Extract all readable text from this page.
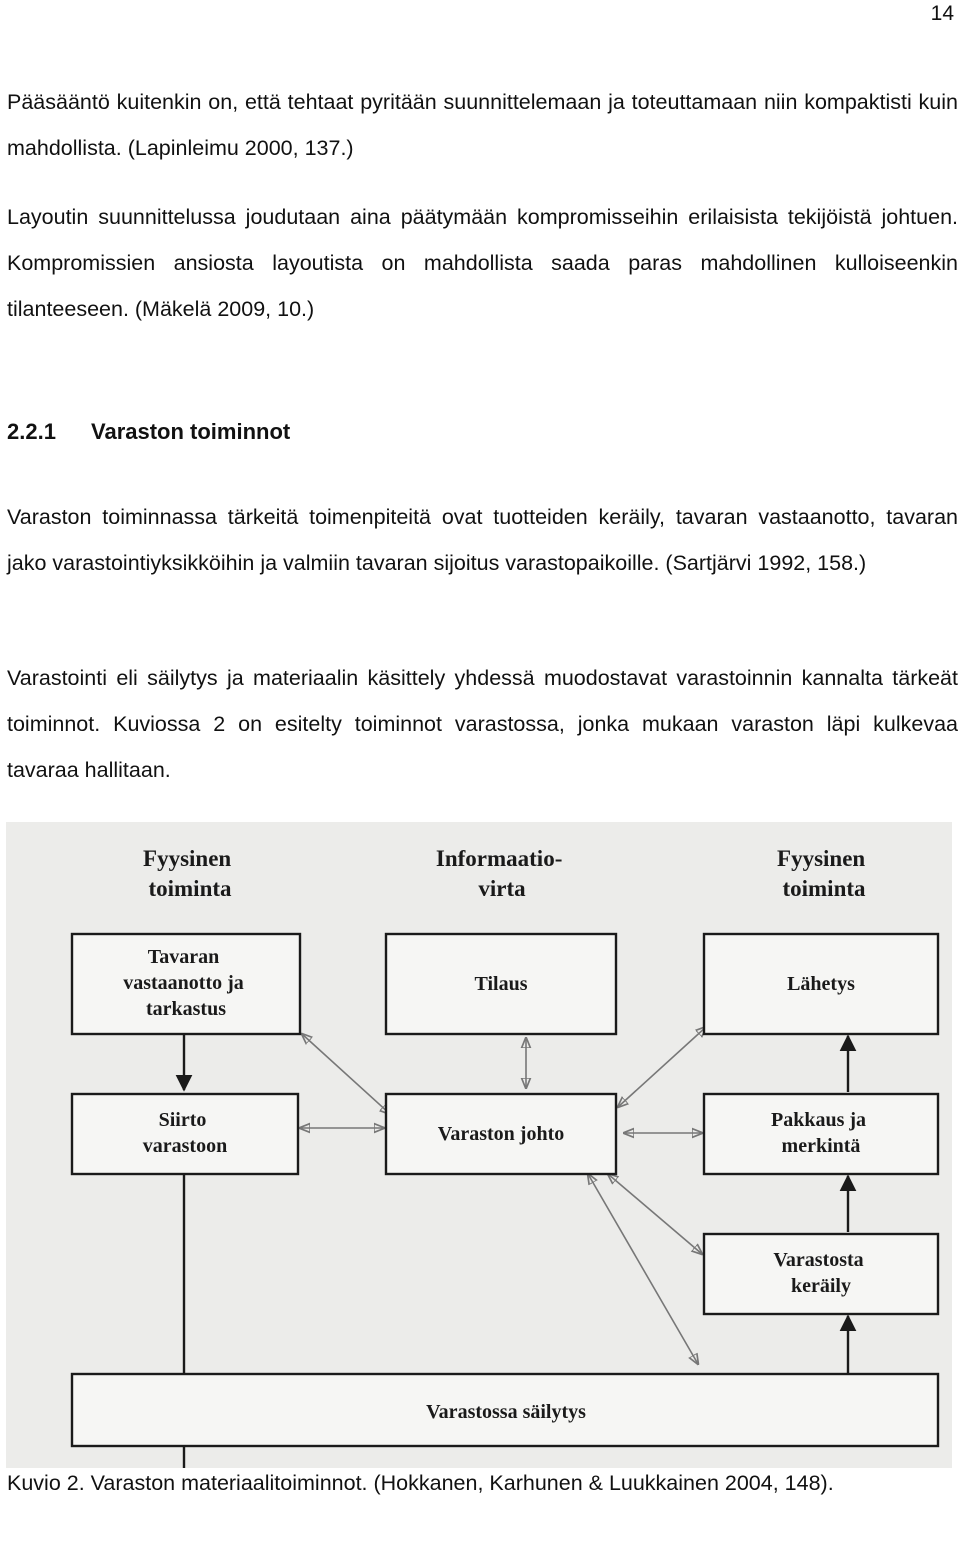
14

Pääsääntö kuitenkin on, että tehtaat pyritään suunnittelemaan ja toteuttamaan niin kompaktisti kuin mahdollista. (Lapinleimu 2000, 137.)

Layoutin suunnittelussa joudutaan aina päätymään kompromisseihin erilaisista tekijöistä johtuen. Kompromissien ansiosta layoutista on mahdollista saada paras mahdollinen kulloiseenkin tilanteeseen. (Mäkelä 2009, 10.)

2.2.1 Varaston toiminnot

Varaston toiminnassa tärkeitä toimenpiteitä ovat tuotteiden keräily, tavaran vastaanotto, tavaran jako varastointiyksikköihin ja valmiin tavaran sijoitus varastopaikoille. (Sartjärvi 1992, 158.)

Varastointi eli säilytys ja materiaalin käsittely yhdessä muodostavat varastoinnin kannalta tärkeät toiminnot. Kuviossa 2 on esitelty toiminnot varastossa, jonka mukaan varaston läpi kulkevaa tavaraa hallitaan.

Fyysinen toiminta
Informaatio- virta
Fyysinen toiminta
Tavaran vastaanotto ja tarkastus
Tilaus	Lähetys
Siirto varastoon
Varaston johto
Pakkaus ja merkintä
Varastosta keräily
Varastossa säilytys

Kuvio 2. Varaston materiaalitoiminnot. (Hokkanen, Karhunen & Luukkainen 2004, 148).
